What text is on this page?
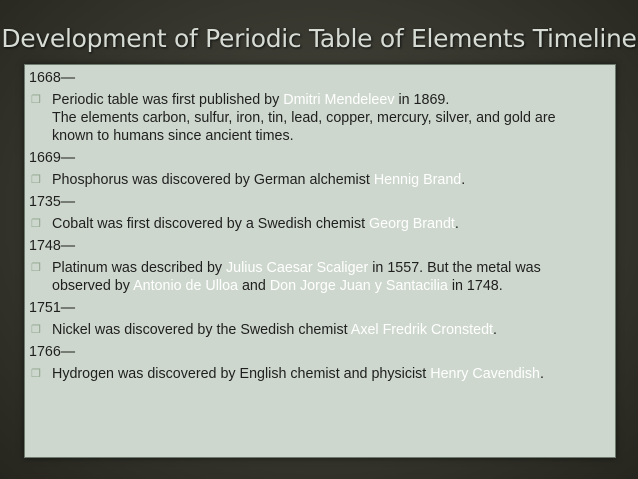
Development of Periodic Table of Elements Timeline
1668—
❐ Periodic table was first published by Dmitri Mendeleev in 1869.
The elements carbon, sulfur, iron, tin, lead, copper, mercury, silver, and gold are known to humans since ancient times.
1669—
❐ Phosphorus was discovered by German alchemist Hennig Brand.
1735—
❐ Cobalt was first discovered by a Swedish chemist Georg Brandt.
1748—
❐ Platinum was described by Julius Caesar Scaliger in 1557. But the metal was observed by Antonio de Ulloa and Don Jorge Juan y Santacilia in 1748.
1751—
❐ Nickel was discovered by the Swedish chemist Axel Fredrik Cronstedt.
1766—
❐ Hydrogen was discovered by English chemist and physicist Henry Cavendish.
